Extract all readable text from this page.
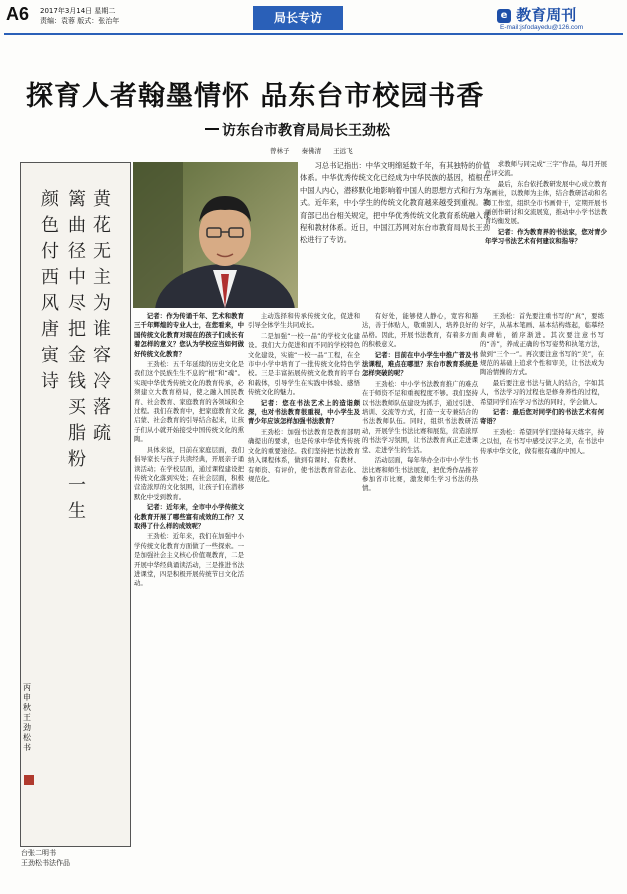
A6 2017年3月14日 星期二
责编：袁蓉 版式：张治年	局长专访	e 教育周刊
E-mail:jsfodayedu@126.com
探育人者翰墨情怀 品东台市校园书香
访东台市教育局局长王劲松
曾林子 秦佛清 王远飞
黄花无主为谁容冷落疏
篱曲径中尽把金钱买脂粉一生
颜色付西风唐寅诗
丙申秋王劲松书
台张二明书
王劲松书法作品

习总书记指出：中华文明绵延数千年，有其独特的价值体系。中华优秀传统文化已经成为中华民族的基因，植根在中国人内心，潜移默化地影响着中国人的思想方式和行为方式。近年来，中小学生的传统文化教育越来越受到重视。教育部已出台相关规定，把中华优秀传统文化教育系统融入课程和教材体系。近日，中国江苏网对东台市教育局局长王劲松进行了专访。

求教师与同完成“三字”作品，每月开展总评交流。

最后，东台依托教研发展中心成立教育书画社，以教师为主体，结合教研活动和名师工作室，组织全市书画骨干，定期开展书画创作研讨和交流展览，推动中小学书法教育均衡发展。

记者：作为教育界的书法家，您对青少年学习书法艺术有何建议和指导？

记者：作为传诵千年、艺术和教育三千年辉煌的专业人士，在您看来，中国传统文化教育对现在的孩子们成长有着怎样的意义？您认为学校应当如何做好传统文化教育？

王劲松：五千年延续的历史文化是我们这个民族生生不息的“根”和“魂”。实现中华优秀传统文化的教育传承，必须建立大教育格局，使之融入国民教育、社会教育、家庭教育的各领域和全过程。我们在教育中，把家庭教育文化启蒙、社会教育的引导结合起来，让孩子们从小就开始接受中国传统文化的熏陶。

具体来说，目前在家庭层面，我们倡导家长与孩子共读经典，开展亲子诵读活动；在学校层面，通过课程建设把传统文化落到实处；在社会层面，积极营造浓厚的文化氛围，让孩子们在潜移默化中受到教育。

记者：近年来，全市中小学传统文化教育开展了哪些富有成效的工作？又取得了什么样的成效呢？

王劲松：近年来，我们在加强中小学传统文化教育方面做了一些探索。一是加强社会主义核心价值观教育，二是开展中华经典诵读活动，三是推进书法进课堂，四是积极开展传统节日文化活动。

主动选择和传承传统文化，促进和引导全体学生共同成长。

二是加强“一校一品”的学校文化建设。我们大力促进和而不同的学校特色文化建设，实施“一校一品”工程，在全市中小学中培育了一批传统文化特色学校。三是丰富拓展传统文化教育的平台和载体，引导学生在实践中体验、感悟传统文化的魅力。

记者：您在书法艺术上的造诣颇深，也对书法教育很重视，中小学生及青少年应该怎样加强书法教育？

王劲松：加强书法教育是教育部明确提出的要求，也是传承中华优秀传统文化的重要途径。我们坚持把书法教育纳入课程体系，做到有课时、有教材、有师资、有评价，使书法教育常态化、规范化。

有好处，能够使人静心，宽容和豁达，善于体贴人，敬重别人，培养良好的品格。因此，开展书法教育，有着多方面的积极意义。

记者：目前在中小学生中推广普及书法课程，难点在哪里？东台市教育系统是怎样突破的呢？

王劲松：中小学书法教育推广的难点在于师资不足和重视程度不够。我们坚持以书法教师队伍建设为抓手，通过引进、培训、交流等方式，打造一支专兼结合的书法教师队伍。同时，组织书法教研活动，开展学生书法比赛和展览，营造浓厚的书法学习氛围，让书法教育真正走进课堂、走进学生的生活。

活动层面，每年举办全市中小学生书法比赛和师生书法展览，把优秀作品推荐参加省市比赛，激发师生学习书法的热情。

王劲松：首先要注重书写的“真”，要练好字，从基本笔画、基本结构练起，临摹经典碑帖，循序渐进。其次要注意书写的“善”，养成正确的书写姿势和执笔方法，做到“三个一”。再次要注意书写的“美”，在规范的基础上追求个性和审美，让书法成为陶冶情操的方式。

最后要注意书法与做人的结合，字如其人，书法学习的过程也是修身养性的过程，希望同学们在学习书法的同时，学会做人。

记者：最后您对同学们的书法艺术有何寄语？

王劲松：希望同学们坚持每天练字，持之以恒，在书写中感受汉字之美，在书法中传承中华文化，做有根有魂的中国人。
